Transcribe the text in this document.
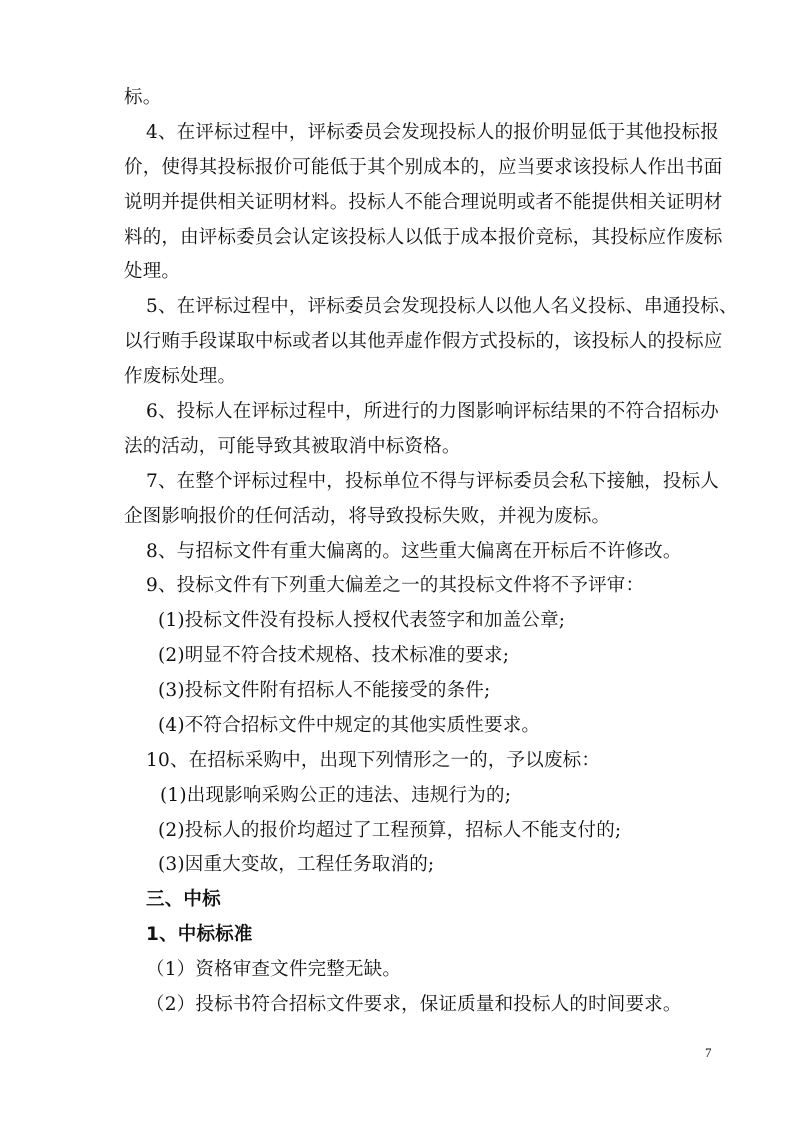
标。
4、在评标过程中，评标委员会发现投标人的报价明显低于其他投标报
价，使得其投标报价可能低于其个别成本的，应当要求该投标人作出书面
说明并提供相关证明材料。投标人不能合理说明或者不能提供相关证明材
料的，由评标委员会认定该投标人以低于成本报价竞标，其投标应作废标
处理。
5、在评标过程中，评标委员会发现投标人以他人名义投标、串通投标、
以行贿手段谋取中标或者以其他弄虚作假方式投标的，该投标人的投标应
作废标处理。
6、投标人在评标过程中，所进行的力图影响评标结果的不符合招标办
法的活动，可能导致其被取消中标资格。
7、在整个评标过程中，投标单位不得与评标委员会私下接触，投标人
企图影响报价的任何活动，将导致投标失败，并视为废标。
8、与招标文件有重大偏离的。这些重大偏离在开标后不许修改。
9、投标文件有下列重大偏差之一的其投标文件将不予评审：
(1)投标文件没有投标人授权代表签字和加盖公章;
(2)明显不符合技术规格、技术标准的要求;
(3)投标文件附有招标人不能接受的条件;
(4)不符合招标文件中规定的其他实质性要求。
10、在招标采购中，出现下列情形之一的，予以废标：
(1)出现影响采购公正的违法、违规行为的;
(2)投标人的报价均超过了工程预算，招标人不能支付的;
(3)因重大变故，工程任务取消的;
三、中标
1、中标标准
（1）资格审查文件完整无缺。
（2）投标书符合招标文件要求，保证质量和投标人的时间要求。
7
